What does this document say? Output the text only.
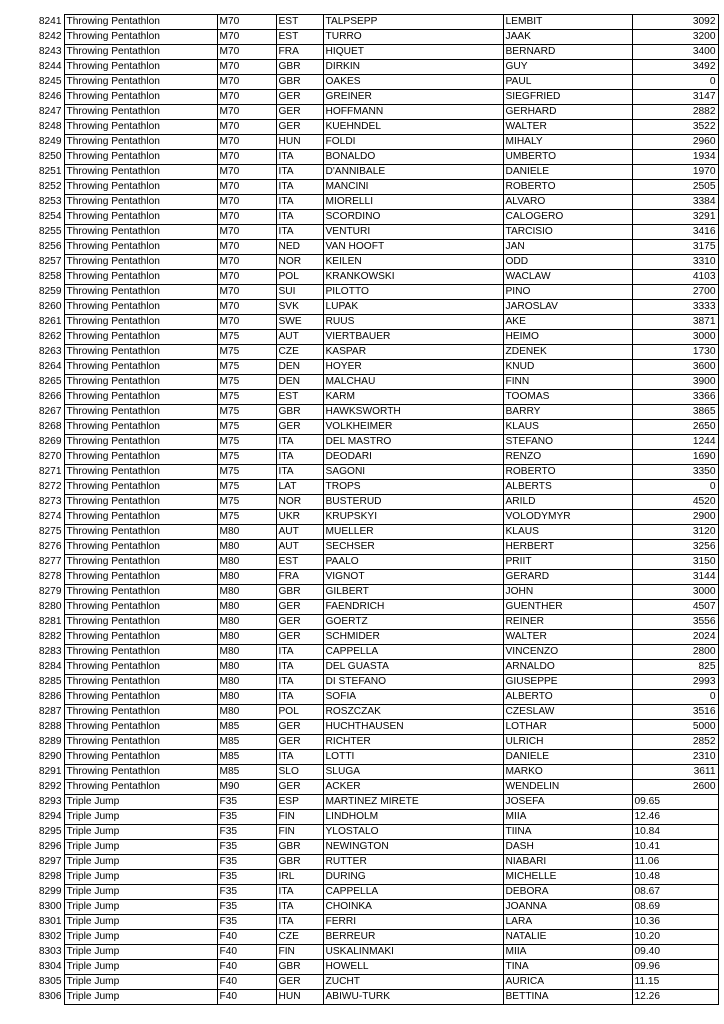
8241	Throwing Pentathlon	M70	EST	TALPSEPP	LEMBIT	3092
8242	Throwing Pentathlon	M70	EST	TURRO	JAAK	3200
8243	Throwing Pentathlon	M70	FRA	HIQUET	BERNARD	3400
8244	Throwing Pentathlon	M70	GBR	DIRKIN	GUY	3492
8245	Throwing Pentathlon	M70	GBR	OAKES	PAUL	0
8246	Throwing Pentathlon	M70	GER	GREINER	SIEGFRIED	3147
8247	Throwing Pentathlon	M70	GER	HOFFMANN	GERHARD	2882
8248	Throwing Pentathlon	M70	GER	KUEHNDEL	WALTER	3522
8249	Throwing Pentathlon	M70	HUN	FOLDI	MIHALY	2960
8250	Throwing Pentathlon	M70	ITA	BONALDO	UMBERTO	1934
8251	Throwing Pentathlon	M70	ITA	D'ANNIBALE	DANIELE	1970
8252	Throwing Pentathlon	M70	ITA	MANCINI	ROBERTO	2505
8253	Throwing Pentathlon	M70	ITA	MIORELLI	ALVARO	3384
8254	Throwing Pentathlon	M70	ITA	SCORDINO	CALOGERO	3291
8255	Throwing Pentathlon	M70	ITA	VENTURI	TARCISIO	3416
8256	Throwing Pentathlon	M70	NED	VAN HOOFT	JAN	3175
8257	Throwing Pentathlon	M70	NOR	KEILEN	ODD	3310
8258	Throwing Pentathlon	M70	POL	KRANKOWSKI	WACLAW	4103
8259	Throwing Pentathlon	M70	SUI	PILOTTO	PINO	2700
8260	Throwing Pentathlon	M70	SVK	LUPAK	JAROSLAV	3333
8261	Throwing Pentathlon	M70	SWE	RUUS	AKE	3871
8262	Throwing Pentathlon	M75	AUT	VIERTBAUER	HEIMO	3000
8263	Throwing Pentathlon	M75	CZE	KASPAR	ZDENEK	1730
8264	Throwing Pentathlon	M75	DEN	HOYER	KNUD	3600
8265	Throwing Pentathlon	M75	DEN	MALCHAU	FINN	3900
8266	Throwing Pentathlon	M75	EST	KARM	TOOMAS	3366
8267	Throwing Pentathlon	M75	GBR	HAWKSWORTH	BARRY	3865
8268	Throwing Pentathlon	M75	GER	VOLKHEIMER	KLAUS	2650
8269	Throwing Pentathlon	M75	ITA	DEL MASTRO	STEFANO	1244
8270	Throwing Pentathlon	M75	ITA	DEODARI	RENZO	1690
8271	Throwing Pentathlon	M75	ITA	SAGONI	ROBERTO	3350
8272	Throwing Pentathlon	M75	LAT	TROPS	ALBERTS	0
8273	Throwing Pentathlon	M75	NOR	BUSTERUD	ARILD	4520
8274	Throwing Pentathlon	M75	UKR	KRUPSKYI	VOLODYMYR	2900
8275	Throwing Pentathlon	M80	AUT	MUELLER	KLAUS	3120
8276	Throwing Pentathlon	M80	AUT	SECHSER	HERBERT	3256
8277	Throwing Pentathlon	M80	EST	PAALO	PRIIT	3150
8278	Throwing Pentathlon	M80	FRA	VIGNOT	GERARD	3144
8279	Throwing Pentathlon	M80	GBR	GILBERT	JOHN	3000
8280	Throwing Pentathlon	M80	GER	FAENDRICH	GUENTHER	4507
8281	Throwing Pentathlon	M80	GER	GOERTZ	REINER	3556
8282	Throwing Pentathlon	M80	GER	SCHMIDER	WALTER	2024
8283	Throwing Pentathlon	M80	ITA	CAPPELLA	VINCENZO	2800
8284	Throwing Pentathlon	M80	ITA	DEL GUASTA	ARNALDO	825
8285	Throwing Pentathlon	M80	ITA	DI STEFANO	GIUSEPPE	2993
8286	Throwing Pentathlon	M80	ITA	SOFIA	ALBERTO	0
8287	Throwing Pentathlon	M80	POL	ROSZCZAK	CZESLAW	3516
8288	Throwing Pentathlon	M85	GER	HUCHTHAUSEN	LOTHAR	5000
8289	Throwing Pentathlon	M85	GER	RICHTER	ULRICH	2852
8290	Throwing Pentathlon	M85	ITA	LOTTI	DANIELE	2310
8291	Throwing Pentathlon	M85	SLO	SLUGA	MARKO	3611
8292	Throwing Pentathlon	M90	GER	ACKER	WENDELIN	2600
8293	Triple Jump	F35	ESP	MARTINEZ MIRETE	JOSEFA	09.65
8294	Triple Jump	F35	FIN	LINDHOLM	MIIA	12.46
8295	Triple Jump	F35	FIN	YLOSTALO	TIINA	10.84
8296	Triple Jump	F35	GBR	NEWINGTON	DASH	10.41
8297	Triple Jump	F35	GBR	RUTTER	NIABARI	11.06
8298	Triple Jump	F35	IRL	DURING	MICHELLE	10.48
8299	Triple Jump	F35	ITA	CAPPELLA	DEBORA	08.67
8300	Triple Jump	F35	ITA	CHOINKA	JOANNA	08.69
8301	Triple Jump	F35	ITA	FERRI	LARA	10.36
8302	Triple Jump	F40	CZE	BERREUR	NATALIE	10.20
8303	Triple Jump	F40	FIN	USKALINMAKI	MIIA	09.40
8304	Triple Jump	F40	GBR	HOWELL	TINA	09.96
8305	Triple Jump	F40	GER	ZUCHT	AURICA	11.15
8306	Triple Jump	F40	HUN	ABIWU-TURK	BETTINA	12.26
